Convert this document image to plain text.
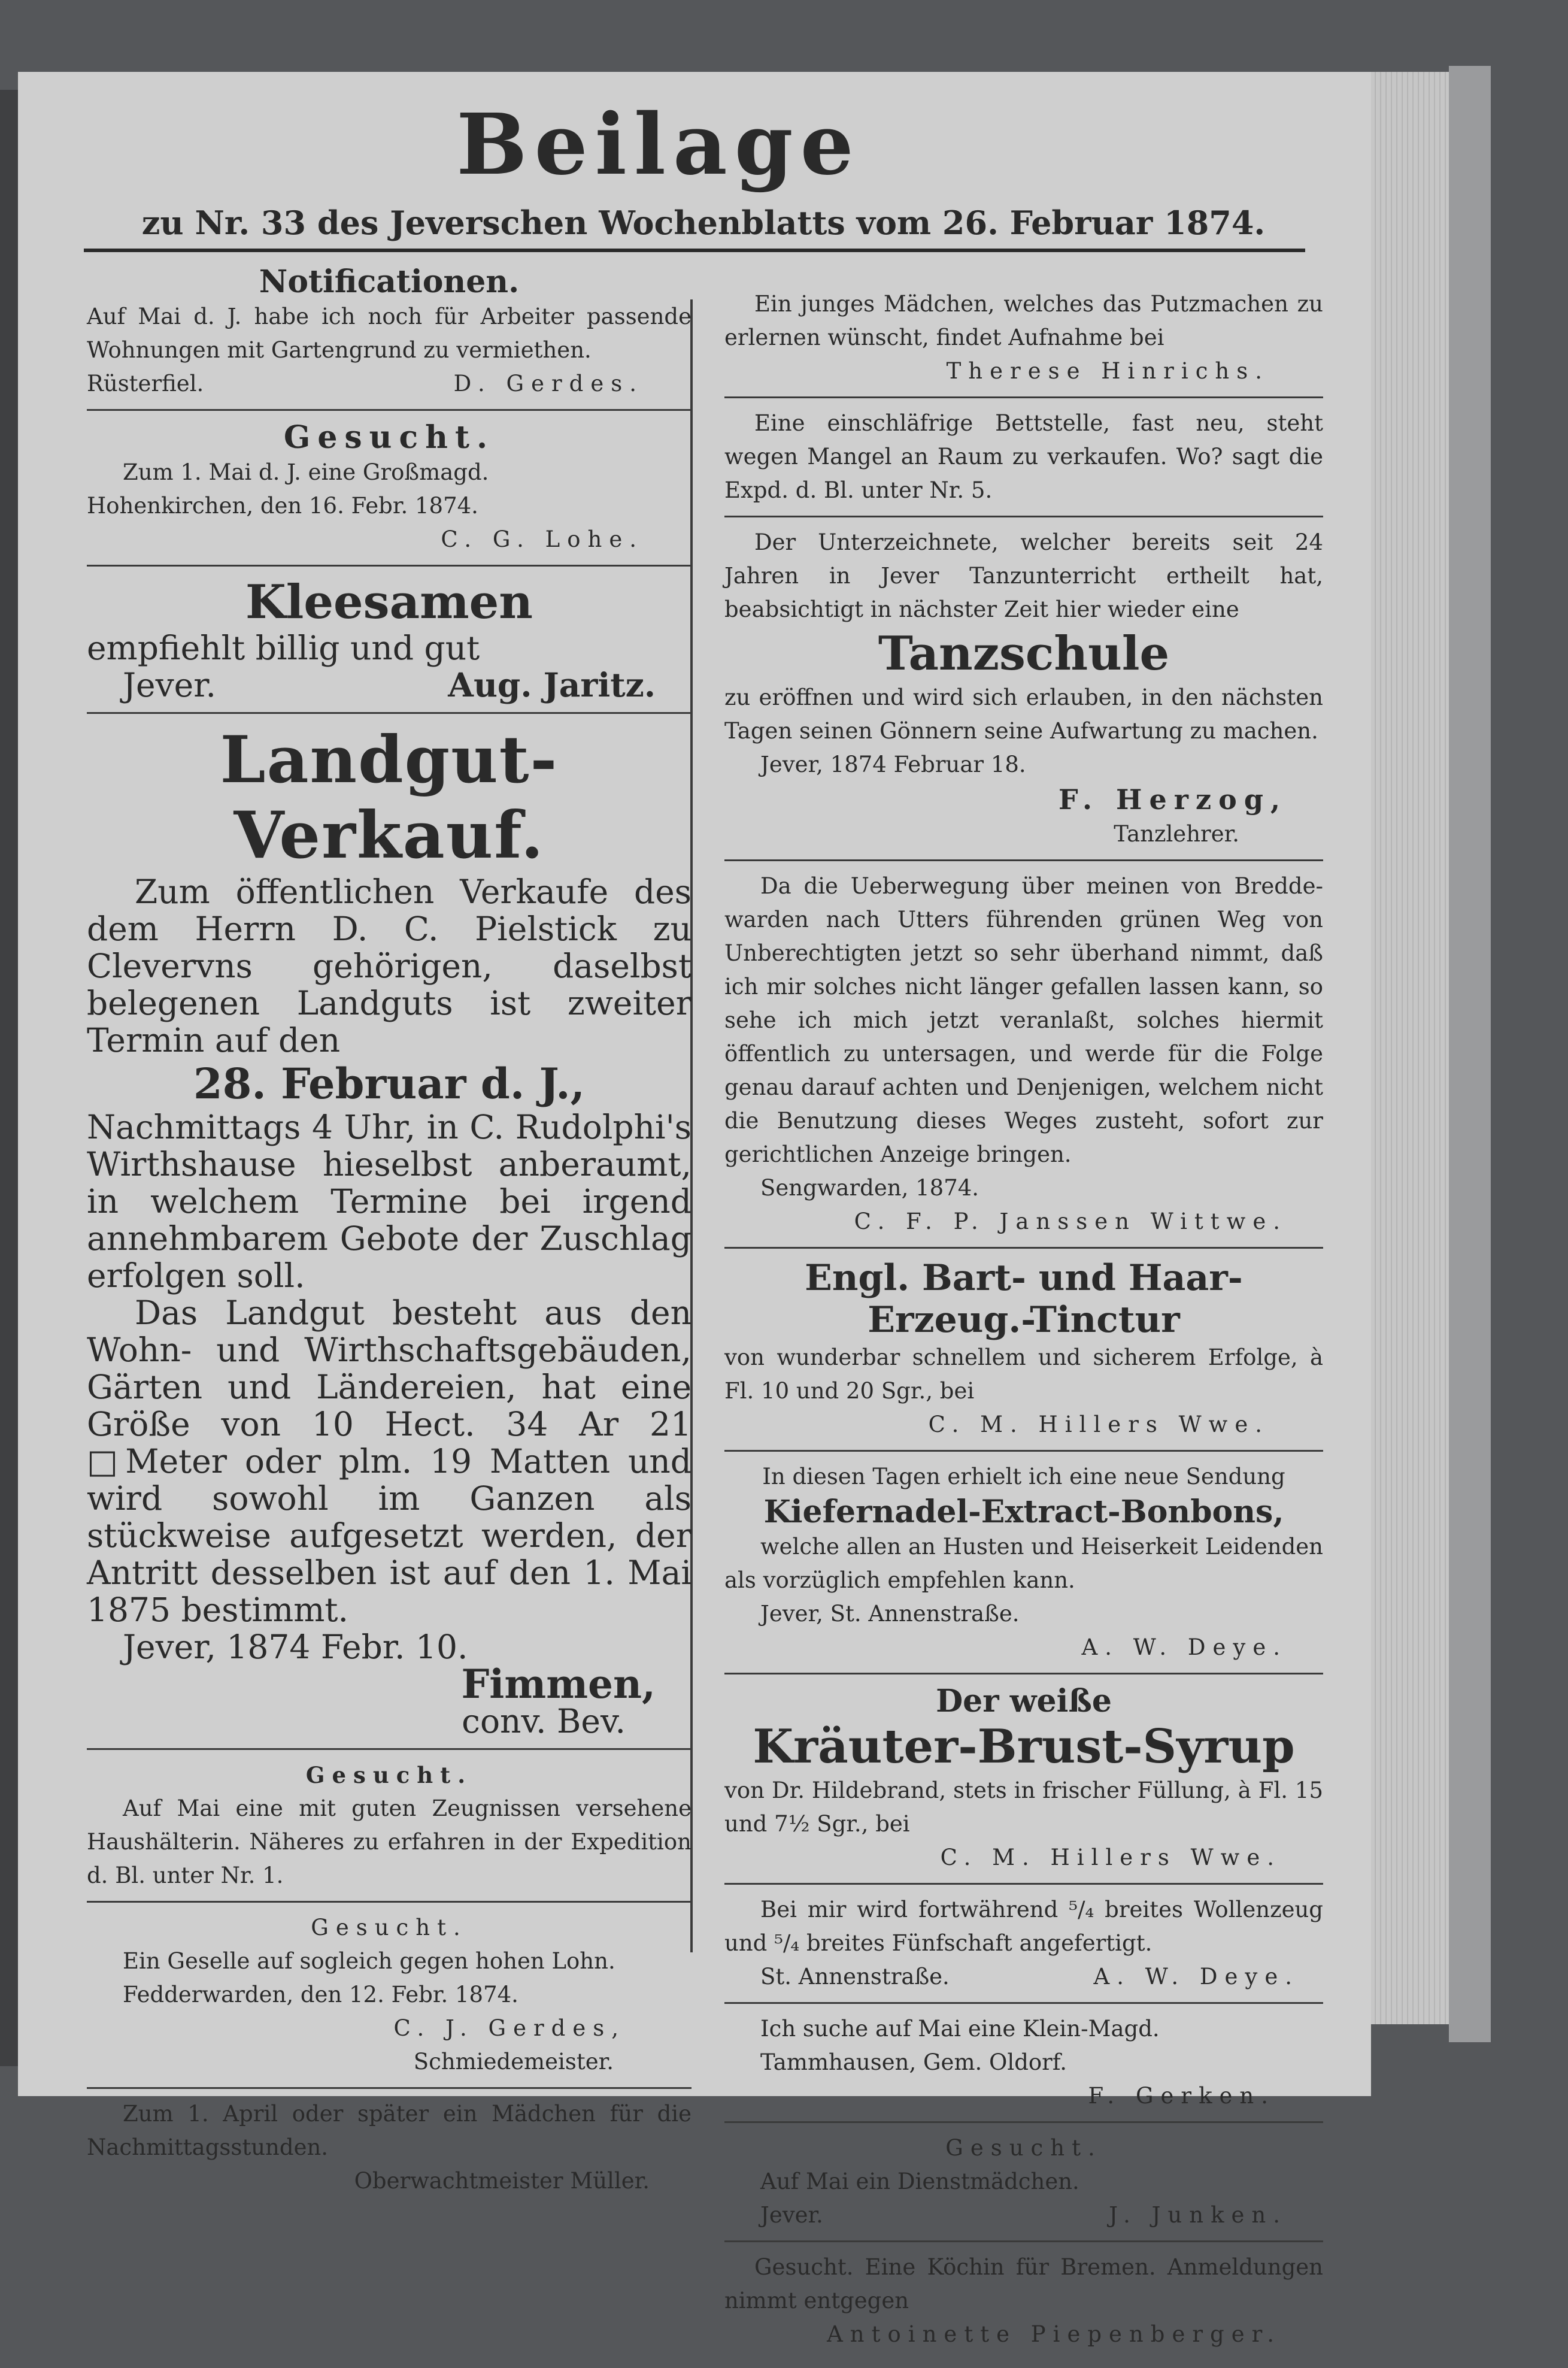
Beilage
zu Nr. 33 des Jeverschen Wochenblatts vom 26. Februar 1874.
Notificationen.
Auf Mai d. J. habe ich noch für Arbeiter passende Wohnungen mit Gartengrund zu vermiethen.
Rüsterfiel.	D. Gerdes.
Gesucht.
Zum 1. Mai d. J. eine Großmagd.
Hohenkirchen, den 16. Febr. 1874.
C. G. Lohe.
Kleesamen
empfiehlt billig und gut
Jever.	Aug. Jaritz.
Landgut-Verkauf.
Zum öffentlichen Verkaufe des dem Herrn D. C. Pielstick zu Clevervns gehörigen, daselbst belegenen Landguts ist zweiter Termin auf den
28. Februar d. J.,
Nachmittags 4 Uhr, in C. Rudolphi's Wirthshause hieselbst anberaumt, in welchem Termine bei irgend annehmbarem Gebote der Zuschlag erfolgen soll.
Das Landgut besteht aus den Wohn- und Wirthschaftsgebäuden, Gärten und Ländereien, hat eine Größe von 10 Hect. 34 Ar 21 □Meter oder plm. 19 Matten und wird sowohl im Ganzen als stückweise aufgesetzt werden, der Antritt desselben ist auf den 1. Mai 1875 bestimmt.
Jever, 1874 Febr. 10.
Fimmen,
conv. Bev.
Gesucht.
Auf Mai eine mit guten Zeugnissen versehene Haushälterin. Näheres zu erfahren in der Expedition d. Bl. unter Nr. 1.
Gesucht.
Ein Geselle auf sogleich gegen hohen Lohn.
Fedderwarden, den 12. Febr. 1874.
C. J. Gerdes,
Schmiedemeister.
Zum 1. April oder später ein Mädchen für die Nachmittagsstunden.
Oberwachtmeister Müller.
Ein junges Mädchen, welches das Putzmachen zu erlernen wünscht, findet Aufnahme bei
Therese Hinrichs.
Eine einschläfrige Bettstelle, fast neu, steht wegen Mangel an Raum zu verkaufen. Wo? sagt die Expd. d. Bl. unter Nr. 5.
Der Unterzeichnete, welcher bereits seit 24 Jahren in Jever Tanzunterricht ertheilt hat, beabsichtigt in nächster Zeit hier wieder eine
Tanzschule
zu eröffnen und wird sich erlauben, in den nächsten Tagen seinen Gönnern seine Aufwartung zu machen.
Jever, 1874 Februar 18.
F. Herzog,
Tanzlehrer.
Da die Ueberwegung über meinen von Breddewarden nach Utters führenden grünen Weg von Unberechtigten jetzt so sehr überhand nimmt, daß ich mir solches nicht länger gefallen lassen kann, so sehe ich mich jetzt veranlaßt, solches hiermit öffentlich zu untersagen, und werde für die Folge genau darauf achten und Denjenigen, welchem nicht die Benutzung dieses Weges zusteht, sofort zur gerichtlichen Anzeige bringen.
Sengwarden, 1874.
C. F. P. Janssen Wittwe.
Engl. Bart- und Haar-
Erzeug.-Tinctur
von wunderbar schnellem und sicherem Erfolge, à Fl. 10 und 20 Sgr., bei
C. M. Hillers Wwe.
In diesen Tagen erhielt ich eine neue Sendung
Kiefernadel-Extract-Bonbons,
welche allen an Husten und Heiserkeit Leidenden als vorzüglich empfehlen kann.
Jever, St. Annenstraße.
A. W. Deye.
Der weiße
Kräuter-Brust-Syrup
von Dr. Hildebrand, stets in frischer Füllung, à Fl. 15 und 7½ Sgr., bei
C. M. Hillers Wwe.
Bei mir wird fortwährend ⁵/₄ breites Wollenzeug und ⁵/₄ breites Fünfschaft angefertigt.
St. Annenstraße.	A. W. Deye.
Ich suche auf Mai eine Klein-Magd.
Tammhausen, Gem. Oldorf.
F. Gerken.
Gesucht.
Auf Mai ein Dienstmädchen.
Jever.	J. Junken.
Gesucht. Eine Köchin für Bremen. Anmeldungen nimmt entgegen
Antoinette Piepenberger.
